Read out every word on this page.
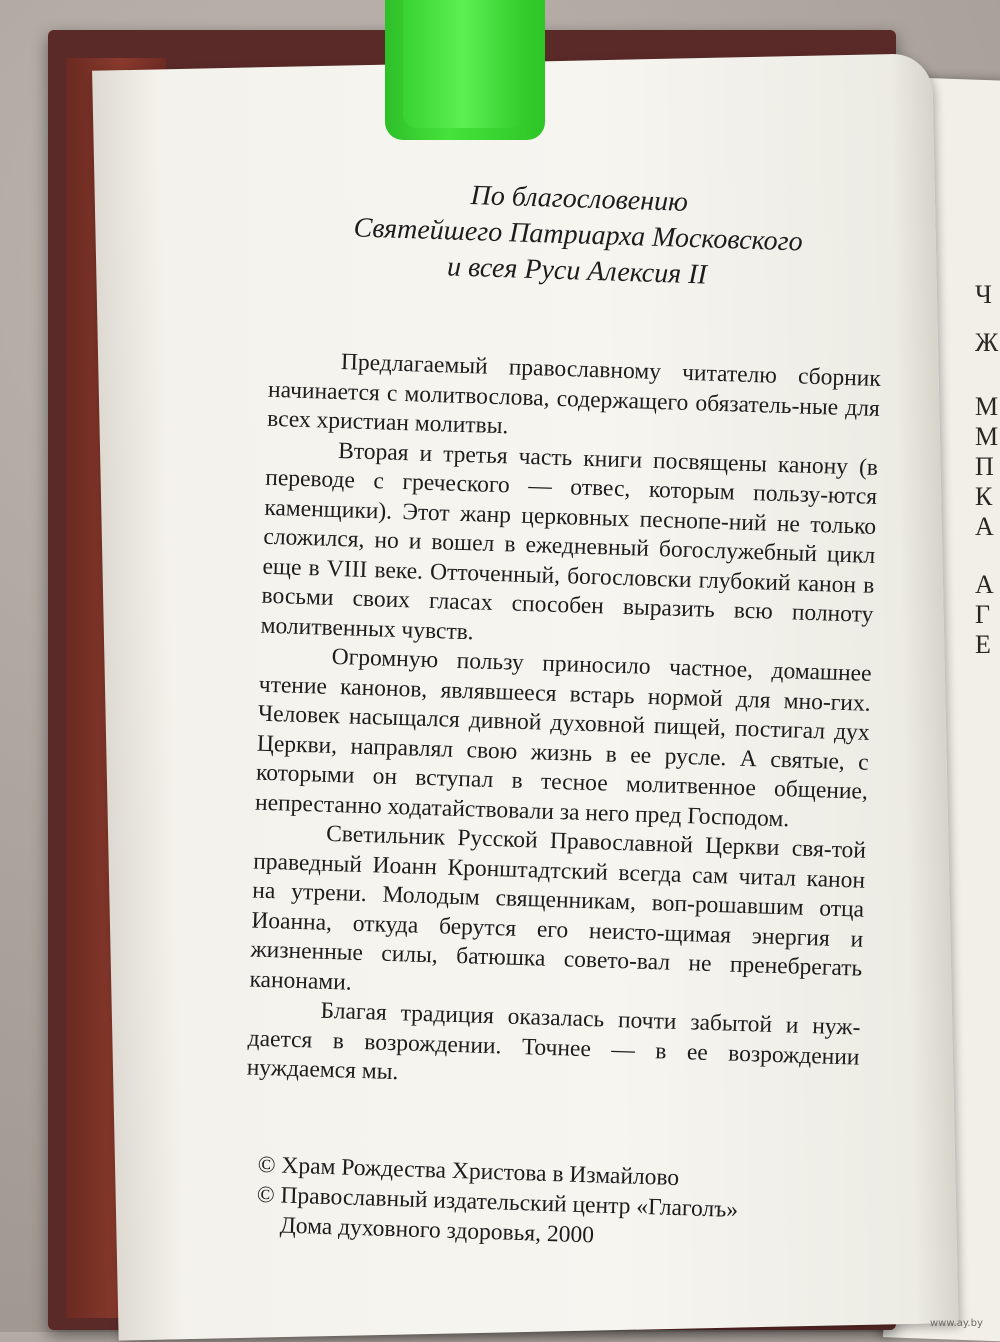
Ч
Ж
М
М
П
К
А
А
Г
Е
По благословению
Святейшего Патриарха Московского
и всея Руси Алексия II

Предлагаемый православному читателю сборник начинается с молитвослова, содержащего обязатель-ные для всех христиан молитвы.

Вторая и третья часть книги посвящены канону (в переводе с греческого — отвес, которым пользу-ются каменщики). Этот жанр церковных песнопе-ний не только сложился, но и вошел в ежедневный богослужебный цикл еще в VIII веке. Отточенный, богословски глубокий канон в восьми своих гласах способен выразить всю полноту молитвенных чувств.

Огромную пользу приносило частное, домашнее чтение канонов, являвшееся встарь нормой для мно-гих. Человек насыщался дивной духовной пищей, постигал дух Церкви, направлял свою жизнь в ее русле. А святые, с которыми он вступал в тесное молитвенное общение, непрестанно ходатайствовали за него пред Господом.

Светильник Русской Православной Церкви свя-той праведный Иоанн Кронштадтский всегда сам читал канон на утрени. Молодым священникам, воп-рошавшим отца Иоанна, откуда берутся его неисто-щимая энергия и жизненные силы, батюшка совето-вал не пренебрегать канонами.

Благая традиция оказалась почти забытой и нуж-дается в возрождении. Точнее — в ее возрождении нуждаемся мы.

© Храм Рождества Христова в Измайлово
© Православный издательский центр «Глаголъ»
Дома духовного здоровья, 2000
www.ay.by
